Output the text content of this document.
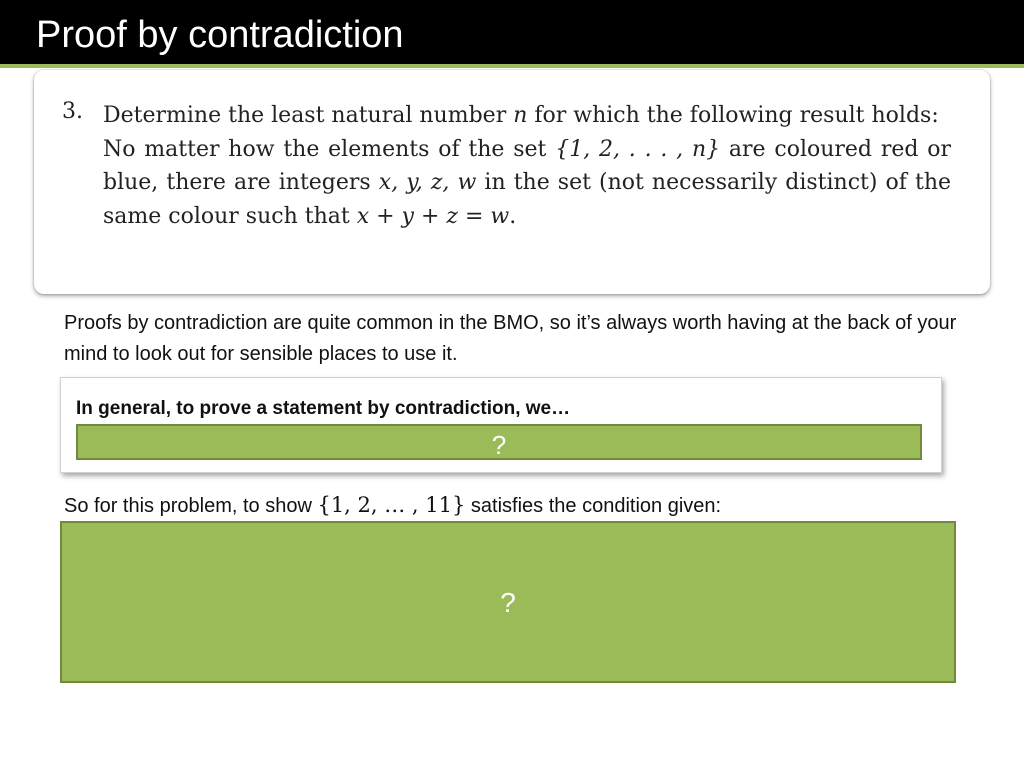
Proof by contradiction
3. Determine the least natural number n for which the following result holds:

No matter how the elements of the set {1, 2, . . . , n} are coloured red or blue, there are integers x, y, z, w in the set (not necessarily distinct) of the same colour such that x + y + z = w.

Proofs by contradiction are quite common in the BMO, so it’s always worth having at the back of your mind to look out for sensible places to use it.
In general, to prove a statement by contradiction, we…
?
So for this problem, to show {1, 2, … , 11} satisfies the condition given:
?
